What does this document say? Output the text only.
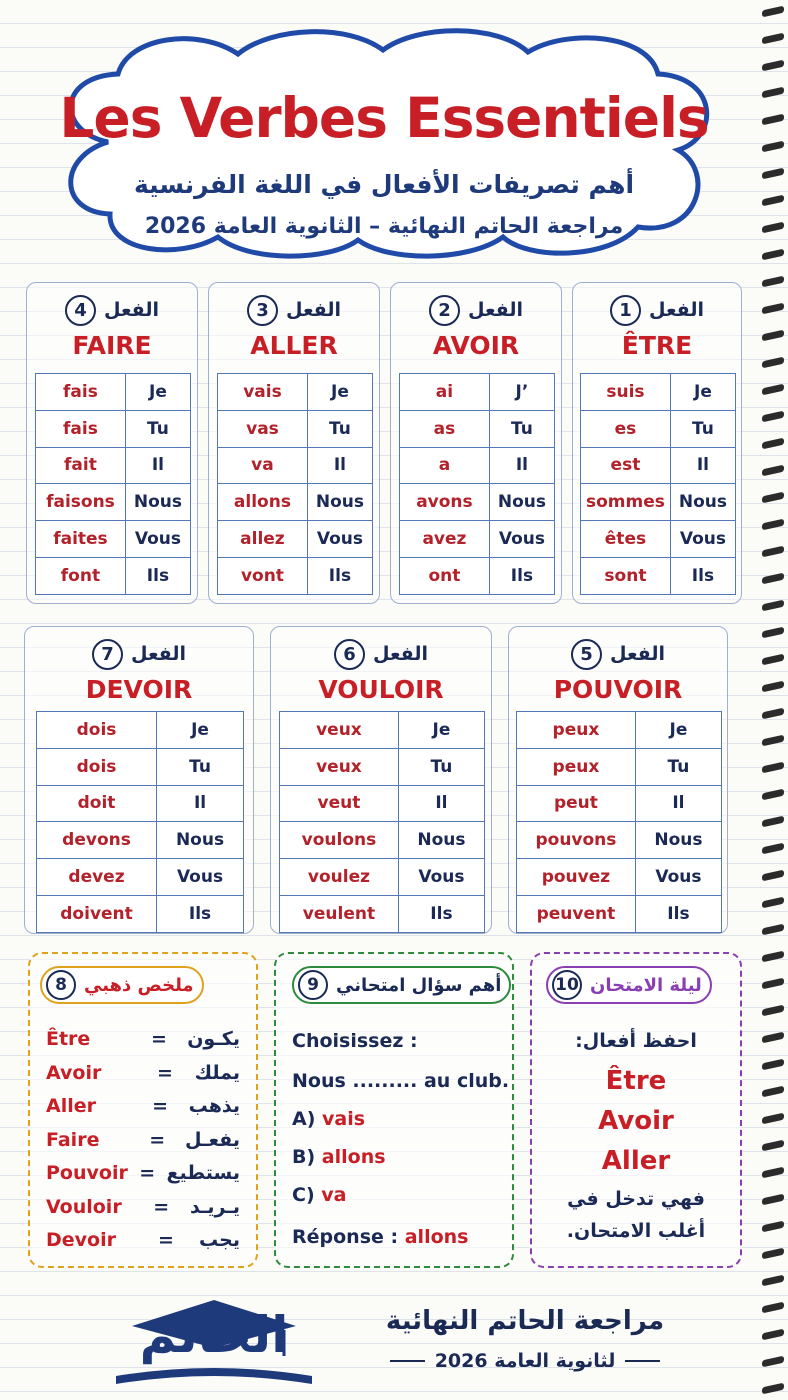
Les Verbes Essentiels
أهم تصريفات الأفعال في اللغة الفرنسية
مراجعة الحاتم النهائية – الثانوية العامة 2026
1 الفعل
ÊTRE
suis	Je
es	Tu
est	Il
sommes	Nous
êtes	Vous
sont	Ils
2 الفعل
AVOIR
ai	J’
as	Tu
a	Il
avons	Nous
avez	Vous
ont	Ils
3 الفعل
ALLER
vais	Je
vas	Tu
va	Il
allons	Nous
allez	Vous
vont	Ils
4 الفعل
FAIRE
fais	Je
fais	Tu
fait	Il
faisons	Nous
faites	Vous
font	Ils
5 الفعل
POUVOIR
peux	Je
peux	Tu
peut	Il
pouvons	Nous
pouvez	Vous
peuvent	Ils
6 الفعل
VOULOIR
veux	Je
veux	Tu
veut	Il
voulons	Nous
voulez	Vous
veulent	Ils
7 الفعل
DEVOIR
dois	Je
dois	Tu
doit	Il
devons	Nous
devez	Vous
doivent	Ils
8 ملخص ذهبي
Être	=	يكـون
Avoir	=	يملك
Aller	=	يذهب
Faire	=	يفعـل
Pouvoir = يستطيع
Vouloir	=	يـريـد
Devoir	=	يجب
9 أهم سؤال امتحاني
Choisissez :
Nous ......... au club.
A) vais
B) allons
C) va
Réponse : allons
10 ليلة الامتحان
احفظ أفعال:
Être
Avoir
Aller
فهي تدخل في
أغلب الامتحان.
الحاتم	مراجعة الحاتم النهائية
لثانوية العامة 2026
